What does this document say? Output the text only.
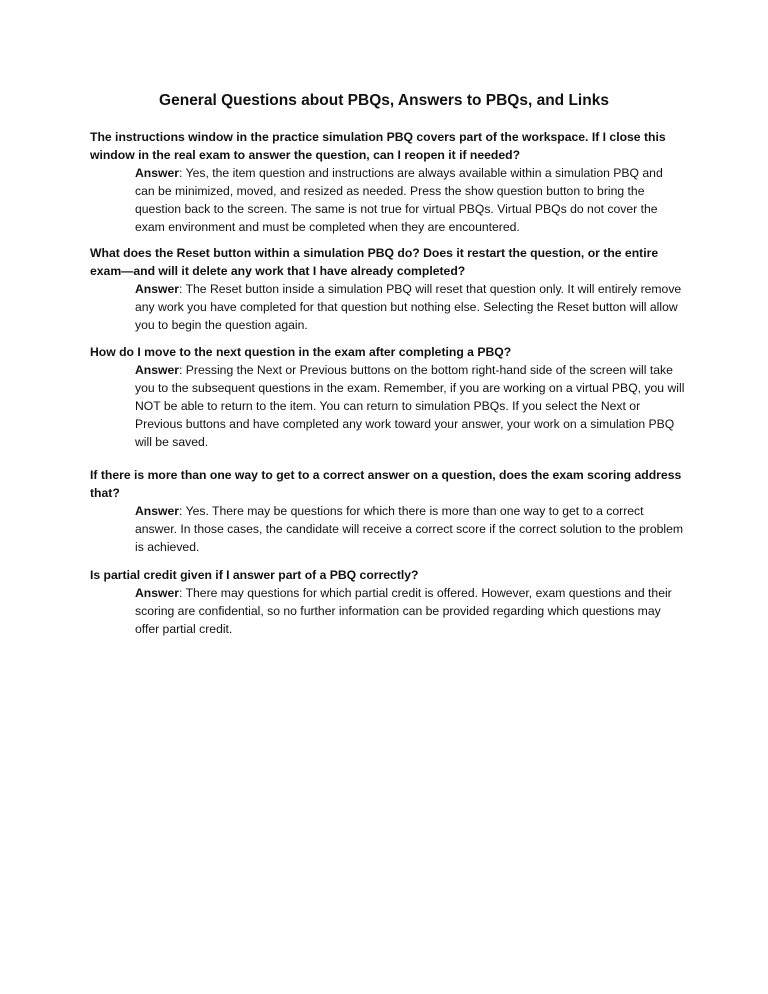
General Questions about PBQs, Answers to PBQs, and Links

The instructions window in the practice simulation PBQ covers part of the workspace. If I close this window in the real exam to answer the question, can I reopen it if needed?

Answer: Yes, the item question and instructions are always available within a simulation PBQ and can be minimized, moved, and resized as needed. Press the show question button to bring the question back to the screen. The same is not true for virtual PBQs. Virtual PBQs do not cover the exam environment and must be completed when they are encountered.

What does the Reset button within a simulation PBQ do? Does it restart the question, or the entire exam—and will it delete any work that I have already completed?

Answer: The Reset button inside a simulation PBQ will reset that question only. It will entirely remove any work you have completed for that question but nothing else. Selecting the Reset button will allow you to begin the question again.

How do I move to the next question in the exam after completing a PBQ?

Answer: Pressing the Next or Previous buttons on the bottom right-hand side of the screen will take you to the subsequent questions in the exam. Remember, if you are working on a virtual PBQ, you will NOT be able to return to the item. You can return to simulation PBQs. If you select the Next or Previous buttons and have completed any work toward your answer, your work on a simulation PBQ will be saved.

If there is more than one way to get to a correct answer on a question, does the exam scoring address that?

Answer: Yes. There may be questions for which there is more than one way to get to a correct answer. In those cases, the candidate will receive a correct score if the correct solution to the problem is achieved.

Is partial credit given if I answer part of a PBQ correctly?

Answer: There may questions for which partial credit is offered. However, exam questions and their scoring are confidential, so no further information can be provided regarding which questions may offer partial credit.
